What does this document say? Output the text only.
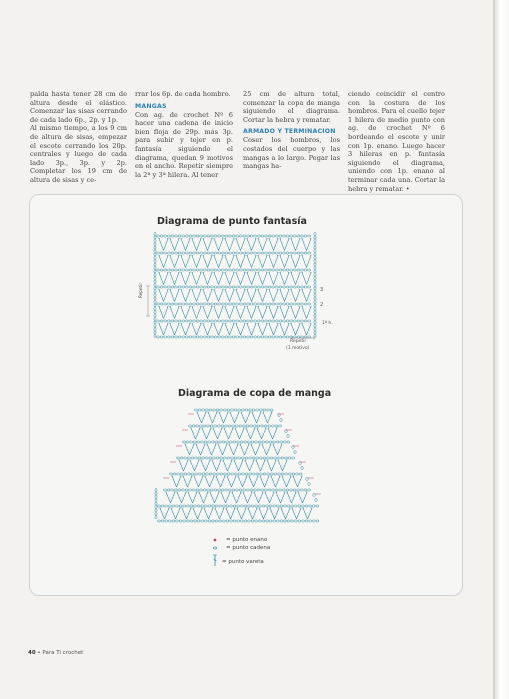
palda hasta tener 28 cm de altura desde el elástico. Comenzar las sisas cerrando de cada lado 6p., 2p. y 1p.

Al mismo tiempo, a los 9 cm de altura de sisas, empezar el escote cerrando los 20p. centrales y luego de cada lado 3p., 3p. y 2p. Completar los 19 cm de altura de sisas y ce-

rrar los 6p. de cada hombro.

MANGAS

Con ag. de crochet Nº 6 hacer una cadena de inicio bien floja de 29p. más 3p. para subir y tejer en p. fantasía siguiendo el diagrama, quedan 9 motivos en el ancho. Repetir siempre la 2ª y 3ª hilera. Al tener

25 cm de altura total, comenzar la copa de manga siguiendo el diagrama. Cortar la hebra y rematar.

ARMADO Y TERMINACION

Coser los hombros, los costados del cuerpo y las mangas a lo largo. Pegar las mangas ha-

ciendo coincidir el centro con la costura de los hombros. Para el cuello tejer 1 hilera de medio punto con ag. de crochet Nº 6 bordeando el escote y unir con 1p. enano. Luego hacer 3 hileras en p. fantasía siguiendo el diagrama, uniendo con 1p. enano al terminar cada una. Cortar la hebra y rematar. •

Diagrama de punto fantasía
Diagrama de copa de manga
Repetir	3
2
1ª h.
Repetir
(1 motivo)
= punto enano
= punto cadena
= punto vareta
40 • Para Ti crochet
